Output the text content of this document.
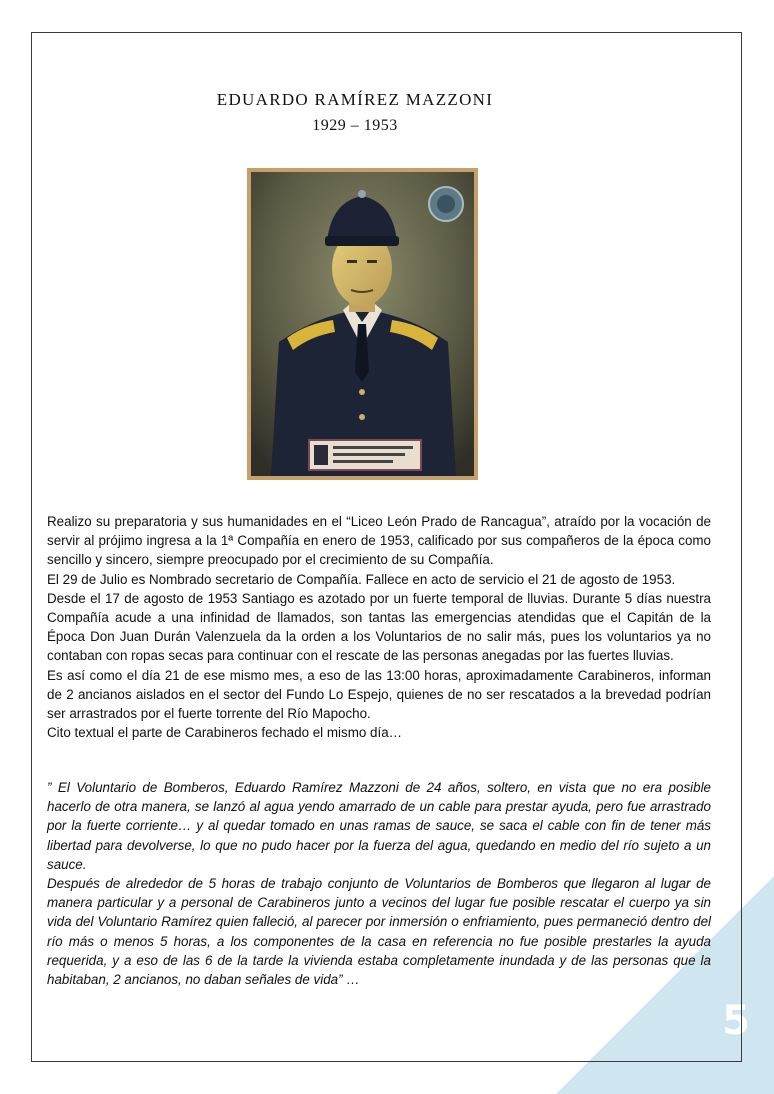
5
EDUARDO RAMÍREZ MAZZONI
1929 – 1953

Realizo su preparatoria y sus humanidades en el “Liceo León Prado de Rancagua”, atraído por la vocación de servir al prójimo ingresa a la 1ª Compañía en enero de 1953, calificado por sus compañeros de la época como sencillo y sincero, siempre preocupado por el crecimiento de su Compañía.

El 29 de Julio es Nombrado secretario de Compañía. Fallece en acto de servicio el 21 de agosto de 1953.

Desde el 17 de agosto de 1953 Santiago es azotado por un fuerte temporal de lluvias. Durante 5 días nuestra Compañía acude a una infinidad de llamados, son tantas las emergencias atendidas que el Capitán de la Época Don Juan Durán Valenzuela da la orden a los Voluntarios de no salir más, pues los voluntarios ya no contaban con ropas secas para continuar con el rescate de las personas anegadas por las fuertes lluvias.

Es así como el día 21 de ese mismo mes, a eso de las 13:00 horas, aproximadamente Carabineros, informan de 2 ancianos aislados en el sector del Fundo Lo Espejo, quienes de no ser rescatados a la brevedad podrían ser arrastrados por el fuerte torrente del Río Mapocho.

Cito textual el parte de Carabineros fechado el mismo día…

” El Voluntario de Bomberos, Eduardo Ramírez Mazzoni de 24 años, soltero, en vista que no era posible hacerlo de otra manera, se lanzó al agua yendo amarrado de un cable para prestar ayuda, pero fue arrastrado por la fuerte corriente… y al quedar tomado en unas ramas de sauce, se saca el cable con fin de tener más libertad para devolverse, lo que no pudo hacer por la fuerza del agua, quedando en medio del río sujeto a un sauce.

Después de alrededor de 5 horas de trabajo conjunto de Voluntarios de Bomberos que llegaron al lugar de manera particular y a personal de Carabineros junto a vecinos del lugar fue posible rescatar el cuerpo ya sin vida del Voluntario Ramírez quien falleció, al parecer por inmersión o enfriamiento, pues permaneció dentro del río más o menos 5 horas, a los componentes de la casa en referencia no fue posible prestarles la ayuda requerida, y a eso de las 6 de la tarde la vivienda estaba completamente inundada y de las personas que la habitaban, 2 ancianos, no daban señales de vida” …
